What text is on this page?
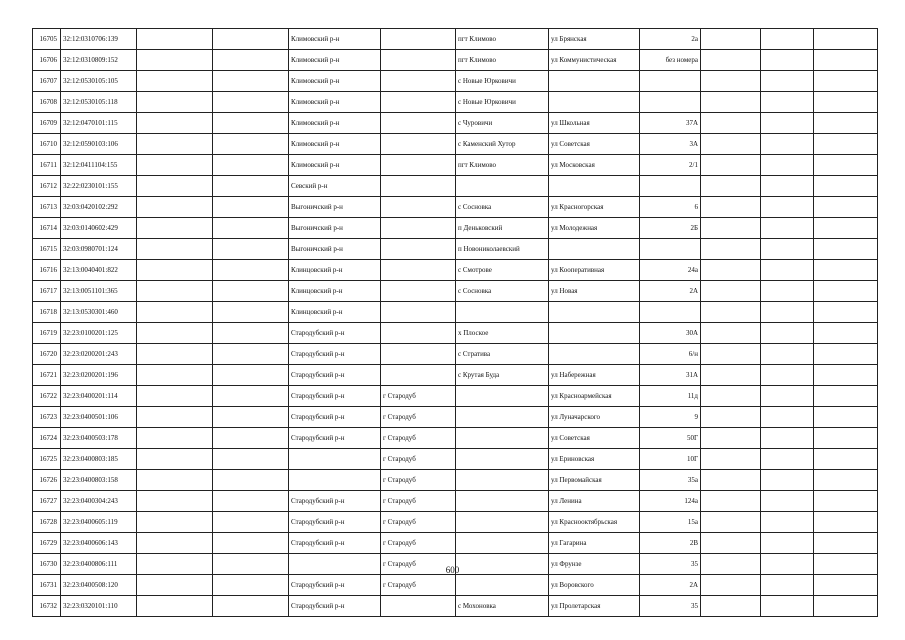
16705	32:12:0310706:139			Климовский р-н		пгт Климово	ул Брянская	2а			
16706	32:12:0310809:152			Климовский р-н		пгт Климово	ул Коммунистическая	без номера			
16707	32:12:0530105:105			Климовский р-н		с Новые Юрковичи					
16708	32:12:0530105:118			Климовский р-н		с Новые Юрковичи					
16709	32:12:0470101:115			Климовский р-н		с Чуровичи	ул Школьная	37А			
16710	32:12:0590103:106			Климовский р-н		с Каменский Хутор	ул Советская	3А			
16711	32:12:0411104:155			Климовский р-н		пгт Климово	ул Московская	2/1			
16712	32:22:0230101:155			Севский р-н							
16713	32:03:0420102:292			Выгоничский р-н		с Сосновка	ул Красногорская	6			
16714	32:03:0140602:429			Выгоничский р-н		п Деньковский	ул Молодежная	2Б			
16715	32:03:0980701:124			Выгоничский р-н		п Новониколаевский					
16716	32:13:0040401:822			Клинцовский р-н		с Смотрове	ул Кооперативная	24а			
16717	32:13:0051101:365			Клинцовский р-н		с Сосновка	ул Новая	2А			
16718	32:13:0530301:460			Клинцовский р-н							
16719	32:23:0100201:125			Стародубский р-н		х Плоское		30А			
16720	32:23:0200201:243			Стародубский р-н		с Стратива		6/н			
16721	32:23:0200201:196			Стародубский р-н		с Крутая Буда	ул Набережная	31А			
16722	32:23:0400201:114			Стародубский р-н	г Стародуб		ул Красноармейская	11д			
16723	32:23:0400501:106			Стародубский р-н	г Стародуб		ул Луначарского	9			
16724	32:23:0400503:178			Стародубский р-н	г Стародуб		ул Советская	50Г			
16725	32:23:0400803:185				г Стародуб		ул Ериновская	10Г			
16726	32:23:0400803:158				г Стародуб		ул Первомайская	35а			
16727	32:23:0400304:243			Стародубский р-н	г Стародуб		ул Ленина	124а			
16728	32:23:0400605:119			Стародубский р-н	г Стародуб		ул Красноoктябрьская	15а			
16729	32:23:0400606:143			Стародубский р-н	г Стародуб		ул Гагарина	2В			
16730	32:23:0400806:111				г Стародуб		ул Фрунзе	35			
16731	32:23:0400508:120			Стародубский р-н	г Стародуб		ул Воровского	2А			
16732	32:23:0320101:110			Стародубский р-н		с Мохоновка	ул Пролетарская	35			
600
